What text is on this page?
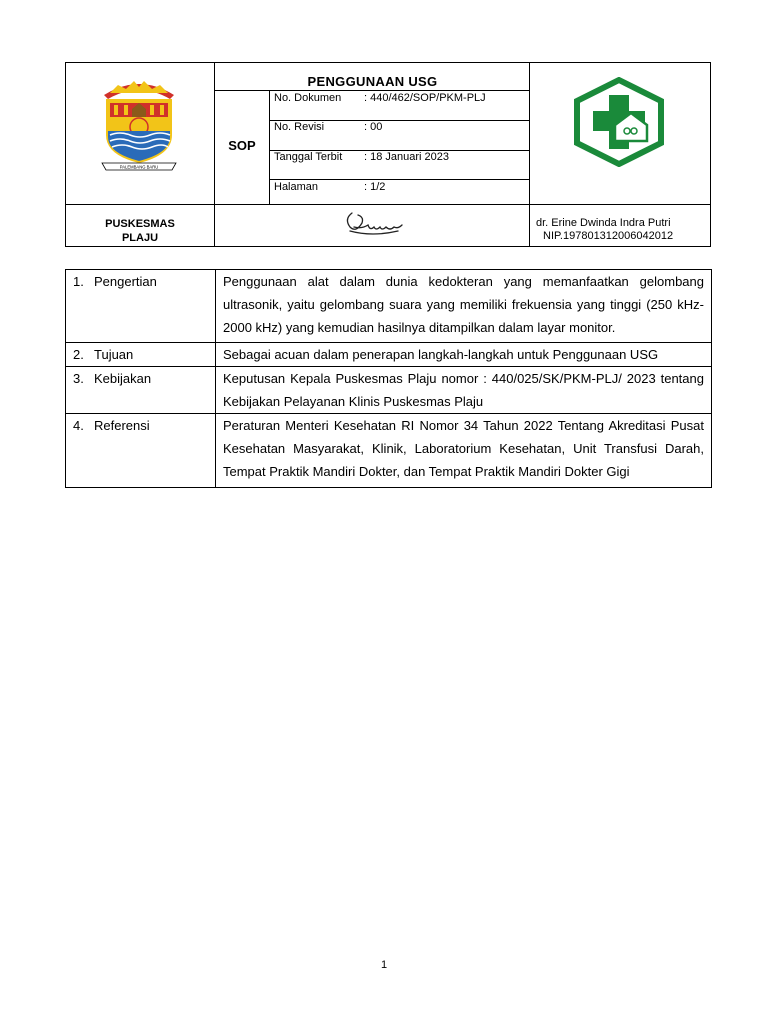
PALEMBANG BARU
PENGGUNAAN USG
SOP
No. Dokumen : 440/462/SOP/PKM-PLJ
No. Revisi	: 00
Tanggal Terbit : 18 Januari 2023
Halaman	: 1/2
PUSKESMAS
PLAJU
dr. Erine Dwinda Indra Putri
NIP.197801312006042012
1. Pengertian	Penggunaan alat dalam dunia kedokteran yang memanfaatkan gelombang ultrasonik, yaitu gelombang suara yang memiliki frekuensia yang tinggi (250 kHz-2000 kHz) yang kemudian hasilnya ditampilkan dalam layar monitor.
2. Tujuan	Sebagai acuan dalam penerapan langkah-langkah untuk Penggunaan USG
3. Kebijakan	Keputusan Kepala Puskesmas Plaju nomor : 440/025/SK/PKM-PLJ/ 2023 tentang Kebijakan Pelayanan Klinis Puskesmas Plaju
4. Referensi	Peraturan Menteri Kesehatan RI Nomor 34 Tahun 2022 Tentang Akreditasi Pusat Kesehatan Masyarakat, Klinik, Laboratorium Kesehatan, Unit Transfusi Darah, Tempat Praktik Mandiri Dokter, dan Tempat Praktik Mandiri Dokter Gigi
1
